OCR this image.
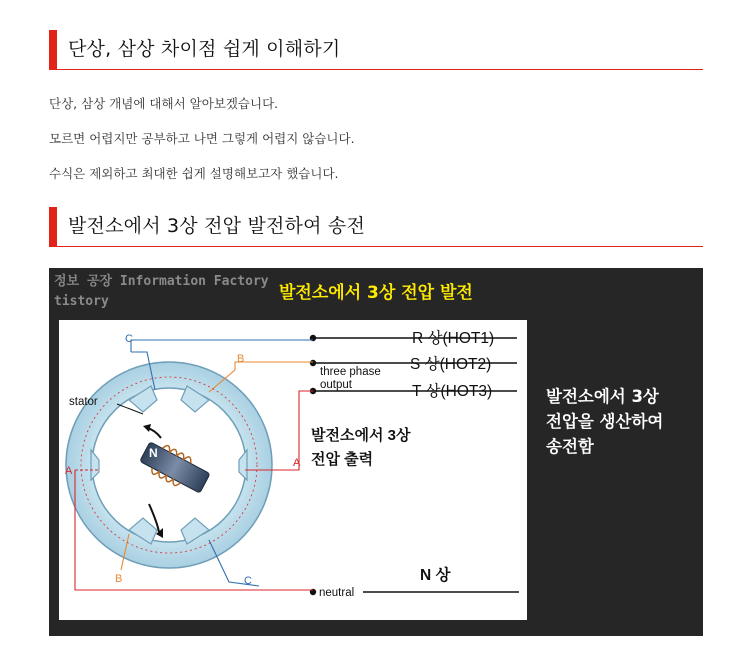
단상, 삼상 차이점 쉽게 이해하기
단상, 삼상 개념에 대해서 알아보겠습니다.
모르면 어렵지만 공부하고 나면 그렇게 어렵지 않습니다.
수식은 제외하고 최대한 쉽게 설명해보고자 했습니다.
발전소에서 3상 전압 발전하여 송전
정보 공장 Information Factory
tistory	발전소에서 3상 전압 발전
N
S
C
B
A
A
B	C
stator
R 상(HOT1)
S 상(HOT2)
T 상(HOT3)
three phase
output
발전소에서 3상
전압 출력
neutral
N 상
발전소에서 3상
전압을 생산하여
송전함
